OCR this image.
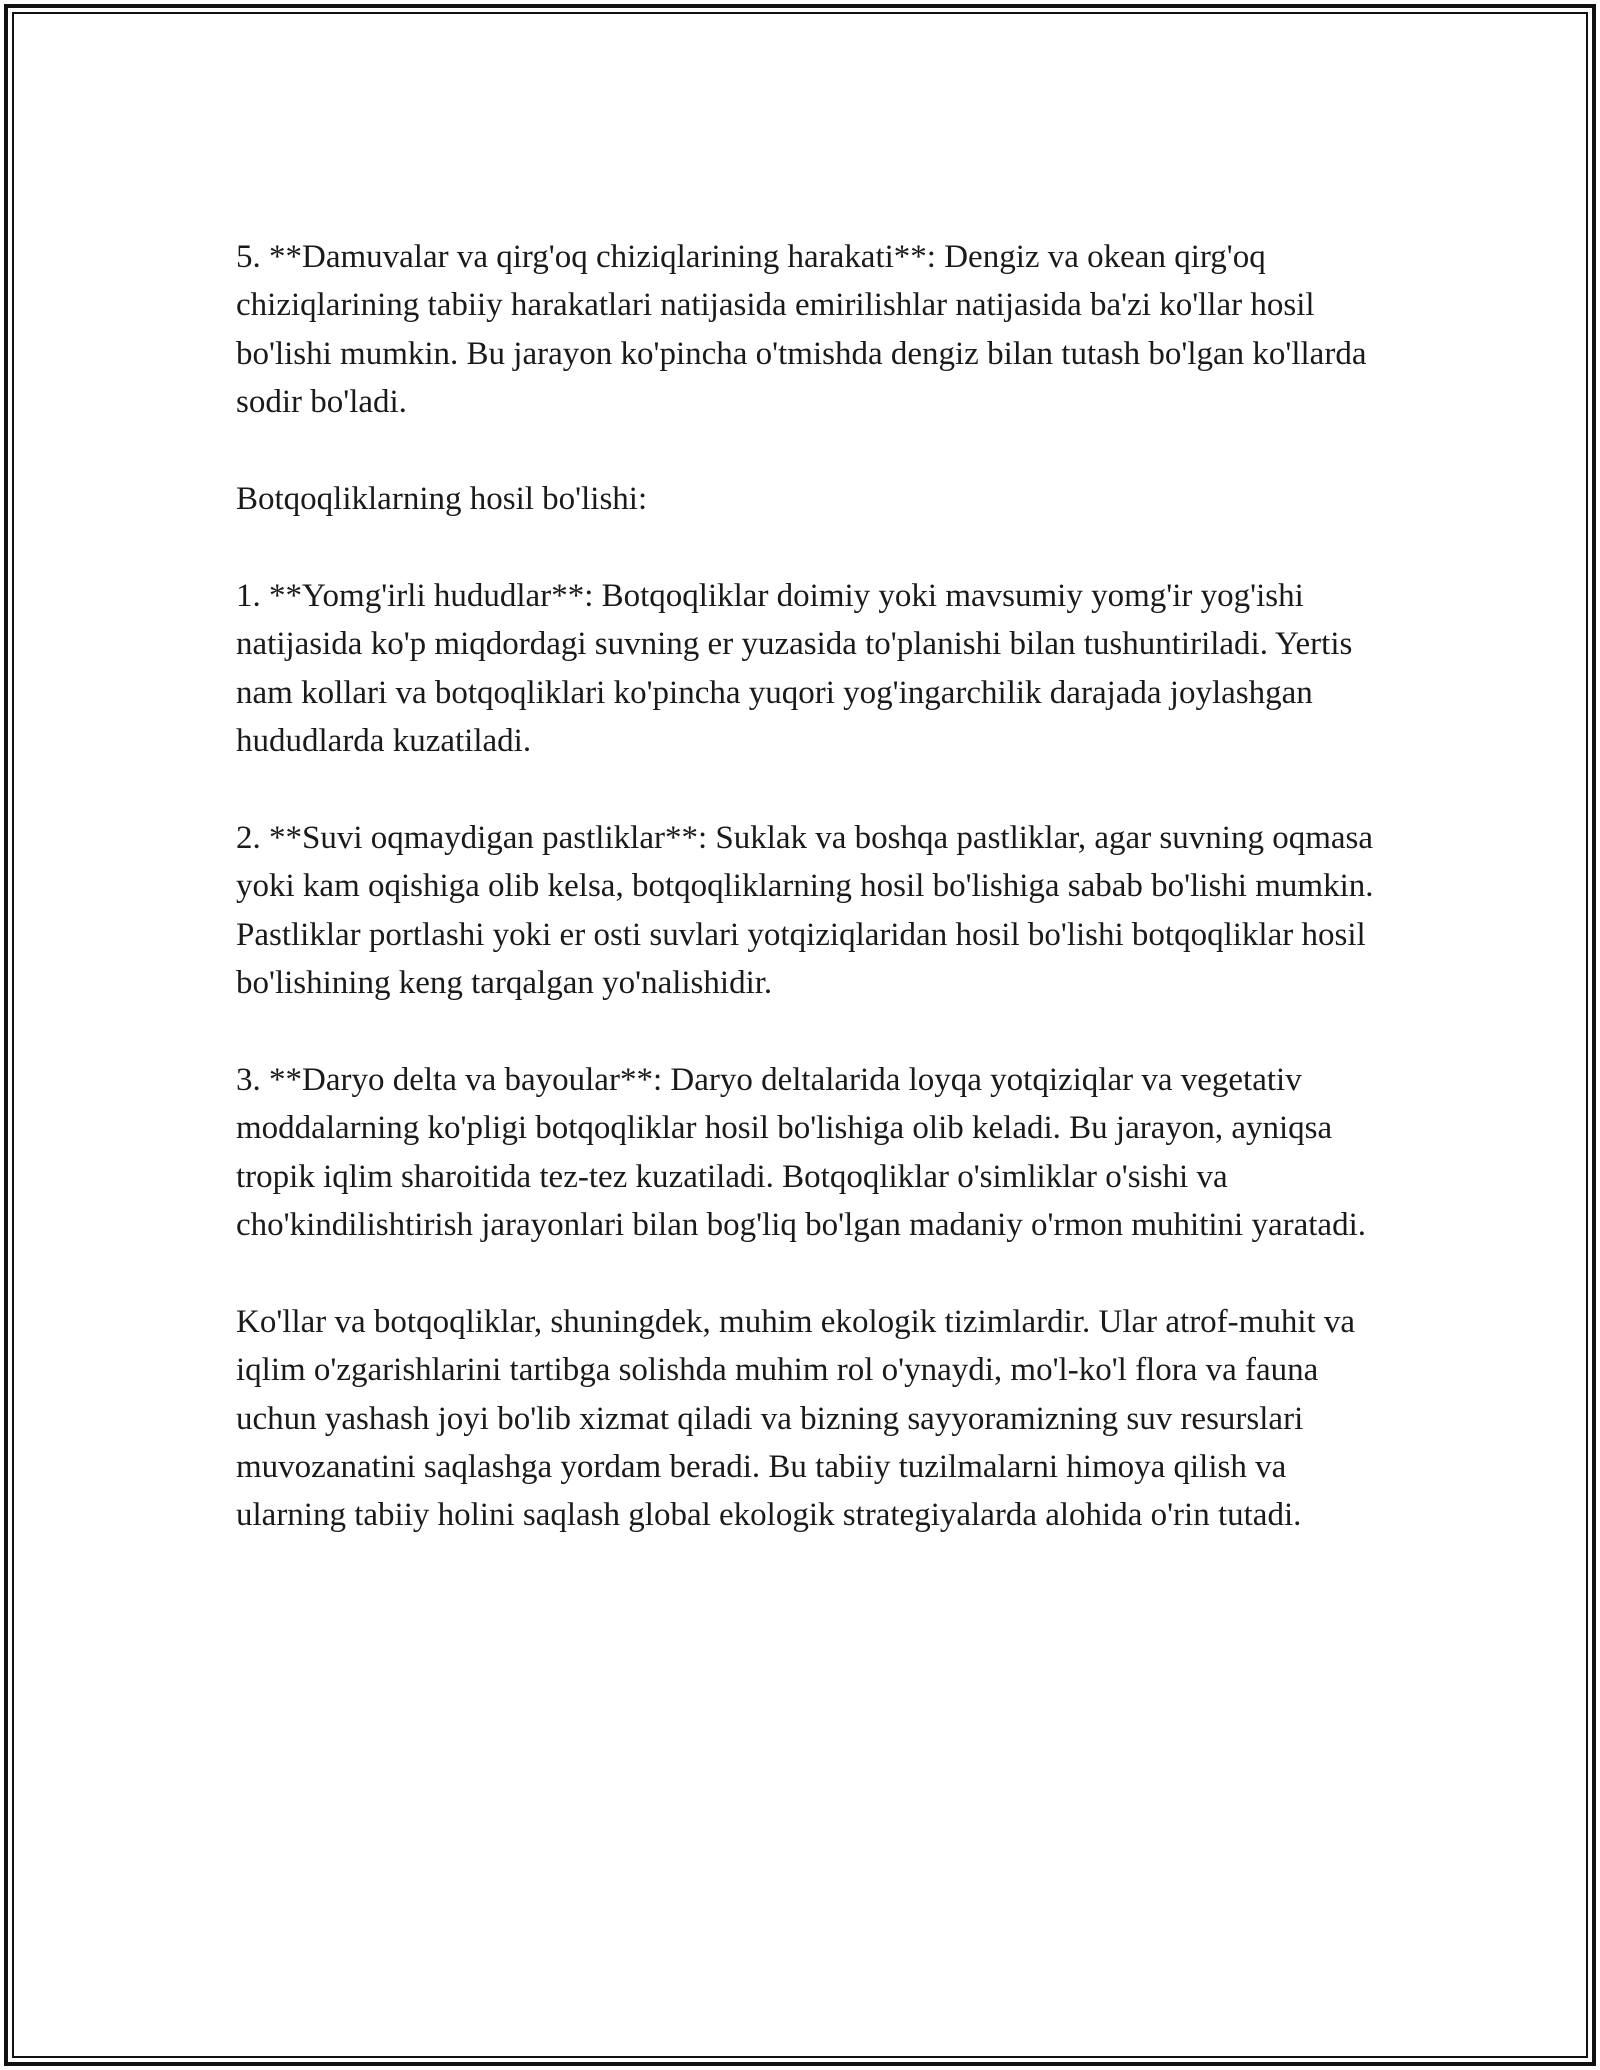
5. **Damuvalar va qirg'oq chiziqlarining harakati**: Dengiz va okean qirg'oq chiziqlarining tabiiy harakatlari natijasida emirilishlar natijasida ba'zi ko'llar hosil bo'lishi mumkin. Bu jarayon ko'pincha o'tmishda dengiz bilan tutash bo'lgan ko'llarda sodir bo'ladi.

Botqoqliklarning hosil bo'lishi:

1. **Yomg'irli hududlar**: Botqoqliklar doimiy yoki mavsumiy yomg'ir yog'ishi natijasida ko'p miqdordagi suvning er yuzasida to'planishi bilan tushuntiriladi. Yertis nam kollari va botqoqliklari ko'pincha yuqori yog'ingarchilik darajada joylashgan hududlarda kuzatiladi.

2. **Suvi oqmaydigan pastliklar**: Suklak va boshqa pastliklar, agar suvning oqmasa yoki kam oqishiga olib kelsa, botqoqliklarning hosil bo'lishiga sabab bo'lishi mumkin. Pastliklar portlashi yoki er osti suvlari yotqiziqlaridan hosil bo'lishi botqoqliklar hosil bo'lishining keng tarqalgan yo'nalishidir.

3. **Daryo delta va bayoular**: Daryo deltalarida loyqa yotqiziqlar va vegetativ moddalarning ko'pligi botqoqliklar hosil bo'lishiga olib keladi. Bu jarayon, ayniqsa tropik iqlim sharoitida tez-tez kuzatiladi. Botqoqliklar o'simliklar o'sishi va cho'kindilishtirish jarayonlari bilan bog'liq bo'lgan madaniy o'rmon muhitini yaratadi.

Ko'llar va botqoqliklar, shuningdek, muhim ekologik tizimlardir. Ular atrof-muhit va iqlim o'zgarishlarini tartibga solishda muhim rol o'ynaydi, mo'l-ko'l flora va fauna uchun yashash joyi bo'lib xizmat qiladi va bizning sayyoramizning suv resurslari muvozanatini saqlashga yordam beradi. Bu tabiiy tuzilmalarni himoya qilish va ularning tabiiy holini saqlash global ekologik strategiyalarda alohida o'rin tutadi.
